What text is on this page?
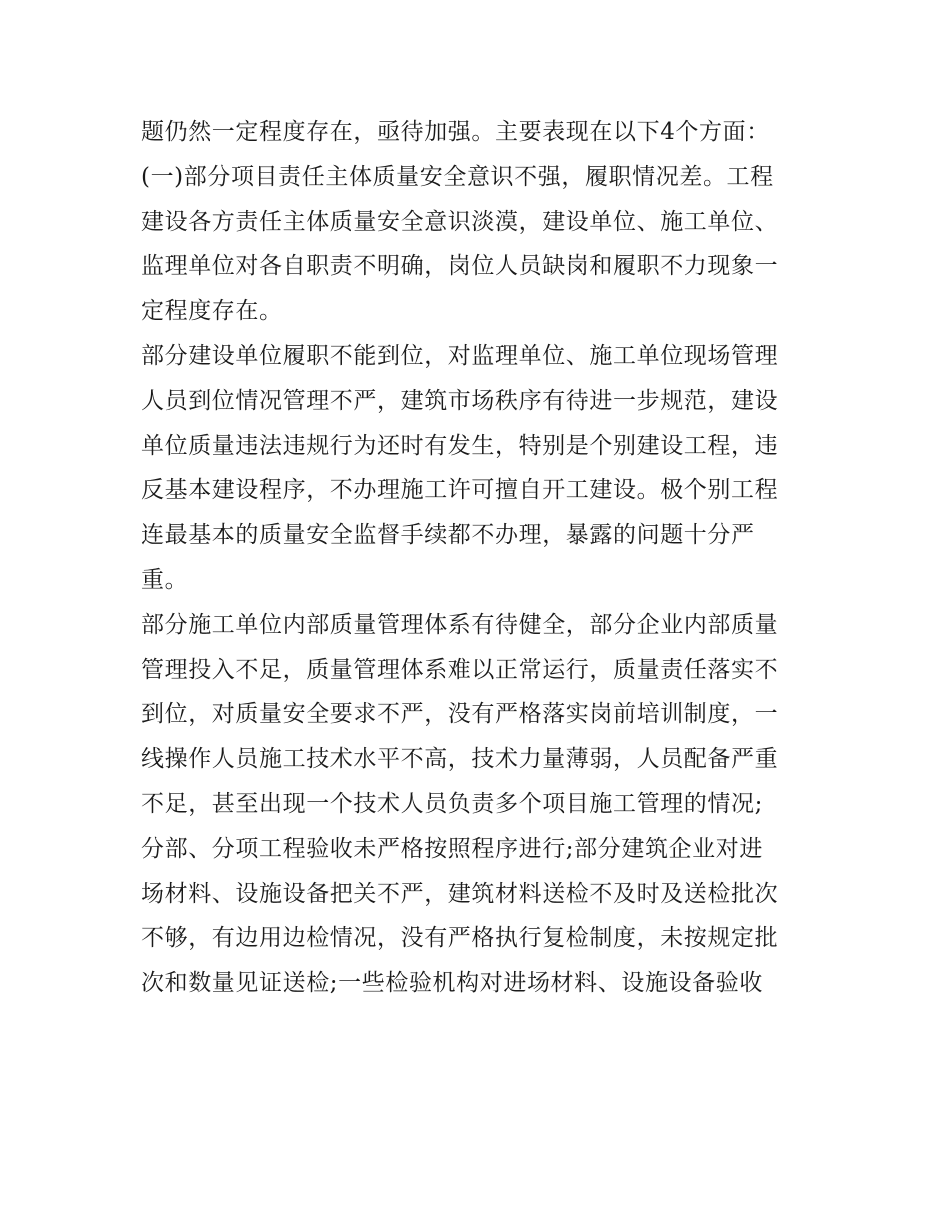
题仍然一定程度存在，亟待加强。主要表现在以下4个方面：
(一)部分项目责任主体质量安全意识不强，履职情况差。工程
建设各方责任主体质量安全意识淡漠，建设单位、施工单位、
监理单位对各自职责不明确，岗位人员缺岗和履职不力现象一
定程度存在。
部分建设单位履职不能到位，对监理单位、施工单位现场管理
人员到位情况管理不严，建筑市场秩序有待进一步规范，建设
单位质量违法违规行为还时有发生，特别是个别建设工程，违
反基本建设程序，不办理施工许可擅自开工建设。极个别工程
连最基本的质量安全监督手续都不办理，暴露的问题十分严
重。
部分施工单位内部质量管理体系有待健全，部分企业内部质量
管理投入不足，质量管理体系难以正常运行，质量责任落实不
到位，对质量安全要求不严，没有严格落实岗前培训制度，一
线操作人员施工技术水平不高，技术力量薄弱，人员配备严重
不足，甚至出现一个技术人员负责多个项目施工管理的情况;
分部、分项工程验收未严格按照程序进行;部分建筑企业对进
场材料、设施设备把关不严，建筑材料送检不及时及送检批次
不够，有边用边检情况，没有严格执行复检制度，未按规定批
次和数量见证送检;一些检验机构对进场材料、设施设备验收
